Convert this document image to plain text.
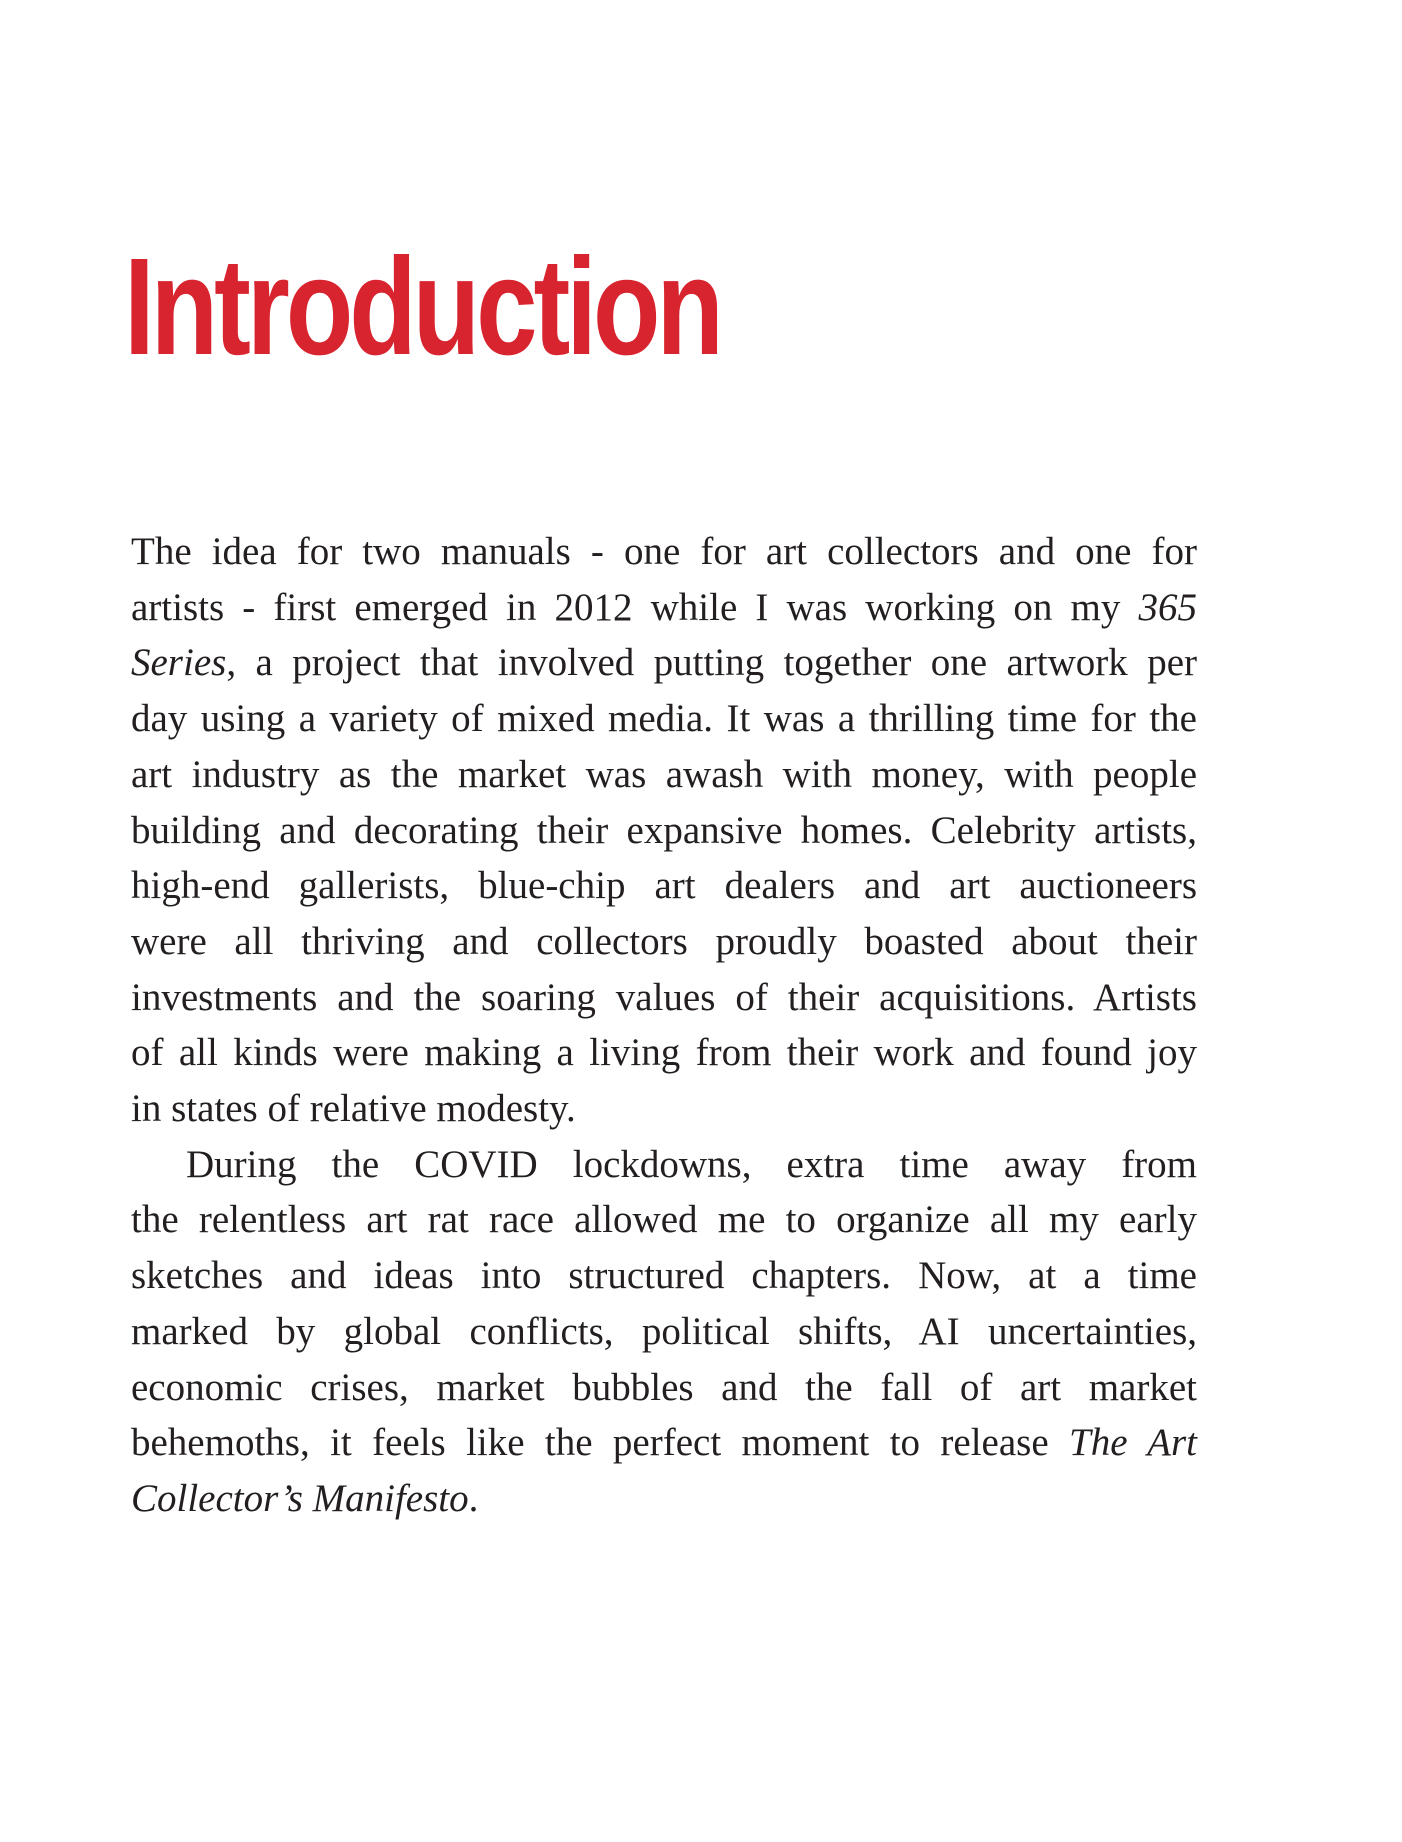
Introduction

The idea for two manuals - one for art collectors and one for
artists - first emerged in 2012 while I was working on my 365
Series, a project that involved putting together one artwork per
day using a variety of mixed media. It was a thrilling time for the
art industry as the market was awash with money, with people
building and decorating their expansive homes. Celebrity artists,
high-end gallerists, blue-chip art dealers and art auctioneers
were all thriving and collectors proudly boasted about their
investments and the soaring values of their acquisitions. Artists
of all kinds were making a living from their work and found joy
in states of relative modesty.

During the COVID lockdowns, extra time away from
the relentless art rat race allowed me to organize all my early
sketches and ideas into structured chapters. Now, at a time
marked by global conflicts, political shifts, AI uncertainties,
economic crises, market bubbles and the fall of art market
behemoths, it feels like the perfect moment to release The Art
Collector’s Manifesto.
